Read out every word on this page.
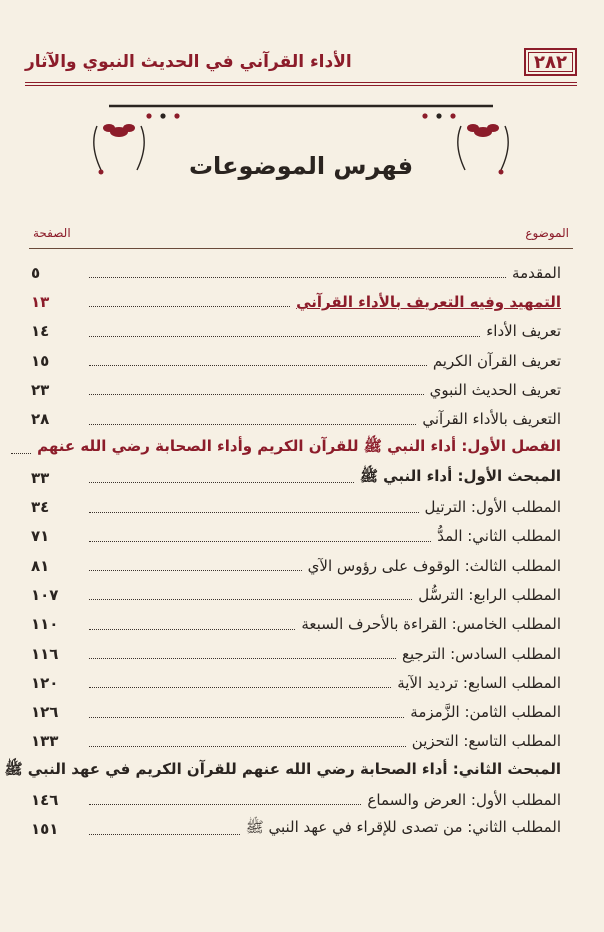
٢٨٢
الأداء القرآني في الحديث النبوي والآثار
فهرس الموضوعات
الموضوع
الصفحة
المقدمة
٥
التمهيد وفيه التعريف بالأداء القرآني
١٣
تعريف الأداء
١٤
تعريف القرآن الكريم
١٥
تعريف الحديث النبوي
٢٣
التعريف بالأداء القرآني
٢٨
الفصل الأول: أداء النبي ﷺ للقرآن الكريم وأداء الصحابة رضي الله عنهم
المبحث الأول: أداء النبي ﷺ
٣٣
المطلب الأول: الترتيل
٣٤
المطلب الثاني: المدُّ
٧١
المطلب الثالث: الوقوف على رؤوس الآي
٨١
المطلب الرابع: الترسُّل
١٠٧
المطلب الخامس: القراءة بالأحرف السبعة
١١٠
المطلب السادس: الترجيع
١١٦
المطلب السابع: ترديد الآية
١٢٠
المطلب الثامن: الزَّمزمة
١٢٦
المطلب التاسع: التحزين
١٣٣
المبحث الثاني: أداء الصحابة رضي الله عنهم للقرآن الكريم في عهد النبي ﷺ
المطلب الأول: العرض والسماع
١٤٦
المطلب الثاني: من تصدى للإقراء في عهد النبي ﷺ
١٥١
